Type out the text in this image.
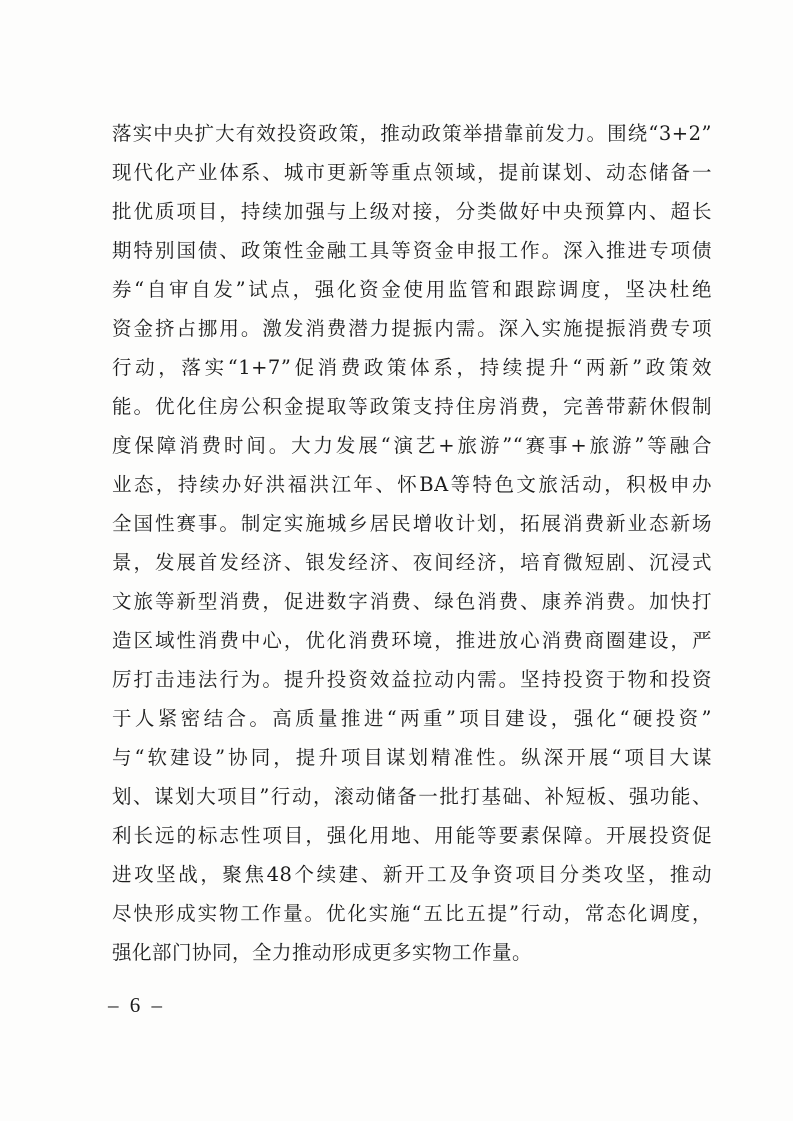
落实中央扩大有效投资政策，推动政策举措靠前发力。围绕“3+2”
现代化产业体系、城市更新等重点领域，提前谋划、动态储备一
批优质项目，持续加强与上级对接，分类做好中央预算内、超长
期特别国债、政策性金融工具等资金申报工作。深入推进专项债
券“自审自发”试点，强化资金使用监管和跟踪调度，坚决杜绝
资金挤占挪用。激发消费潜力提振内需。深入实施提振消费专项
行动，落实“1+7”促消费政策体系，持续提升“两新”政策效
能。优化住房公积金提取等政策支持住房消费，完善带薪休假制
度保障消费时间。大力发展“演艺+旅游”“赛事+旅游”等融合
业态，持续办好洪福洪江年、怀BA等特色文旅活动，积极申办
全国性赛事。制定实施城乡居民增收计划，拓展消费新业态新场
景，发展首发经济、银发经济、夜间经济，培育微短剧、沉浸式
文旅等新型消费，促进数字消费、绿色消费、康养消费。加快打
造区域性消费中心，优化消费环境，推进放心消费商圈建设，严
厉打击违法行为。提升投资效益拉动内需。坚持投资于物和投资
于人紧密结合。高质量推进“两重”项目建设，强化“硬投资”
与“软建设”协同，提升项目谋划精准性。纵深开展“项目大谋
划、谋划大项目”行动，滚动储备一批打基础、补短板、强功能、
利长远的标志性项目，强化用地、用能等要素保障。开展投资促
进攻坚战，聚焦48个续建、新开工及争资项目分类攻坚，推动
尽快形成实物工作量。优化实施“五比五提”行动，常态化调度，
强化部门协同，全力推动形成更多实物工作量。
– 6 –
